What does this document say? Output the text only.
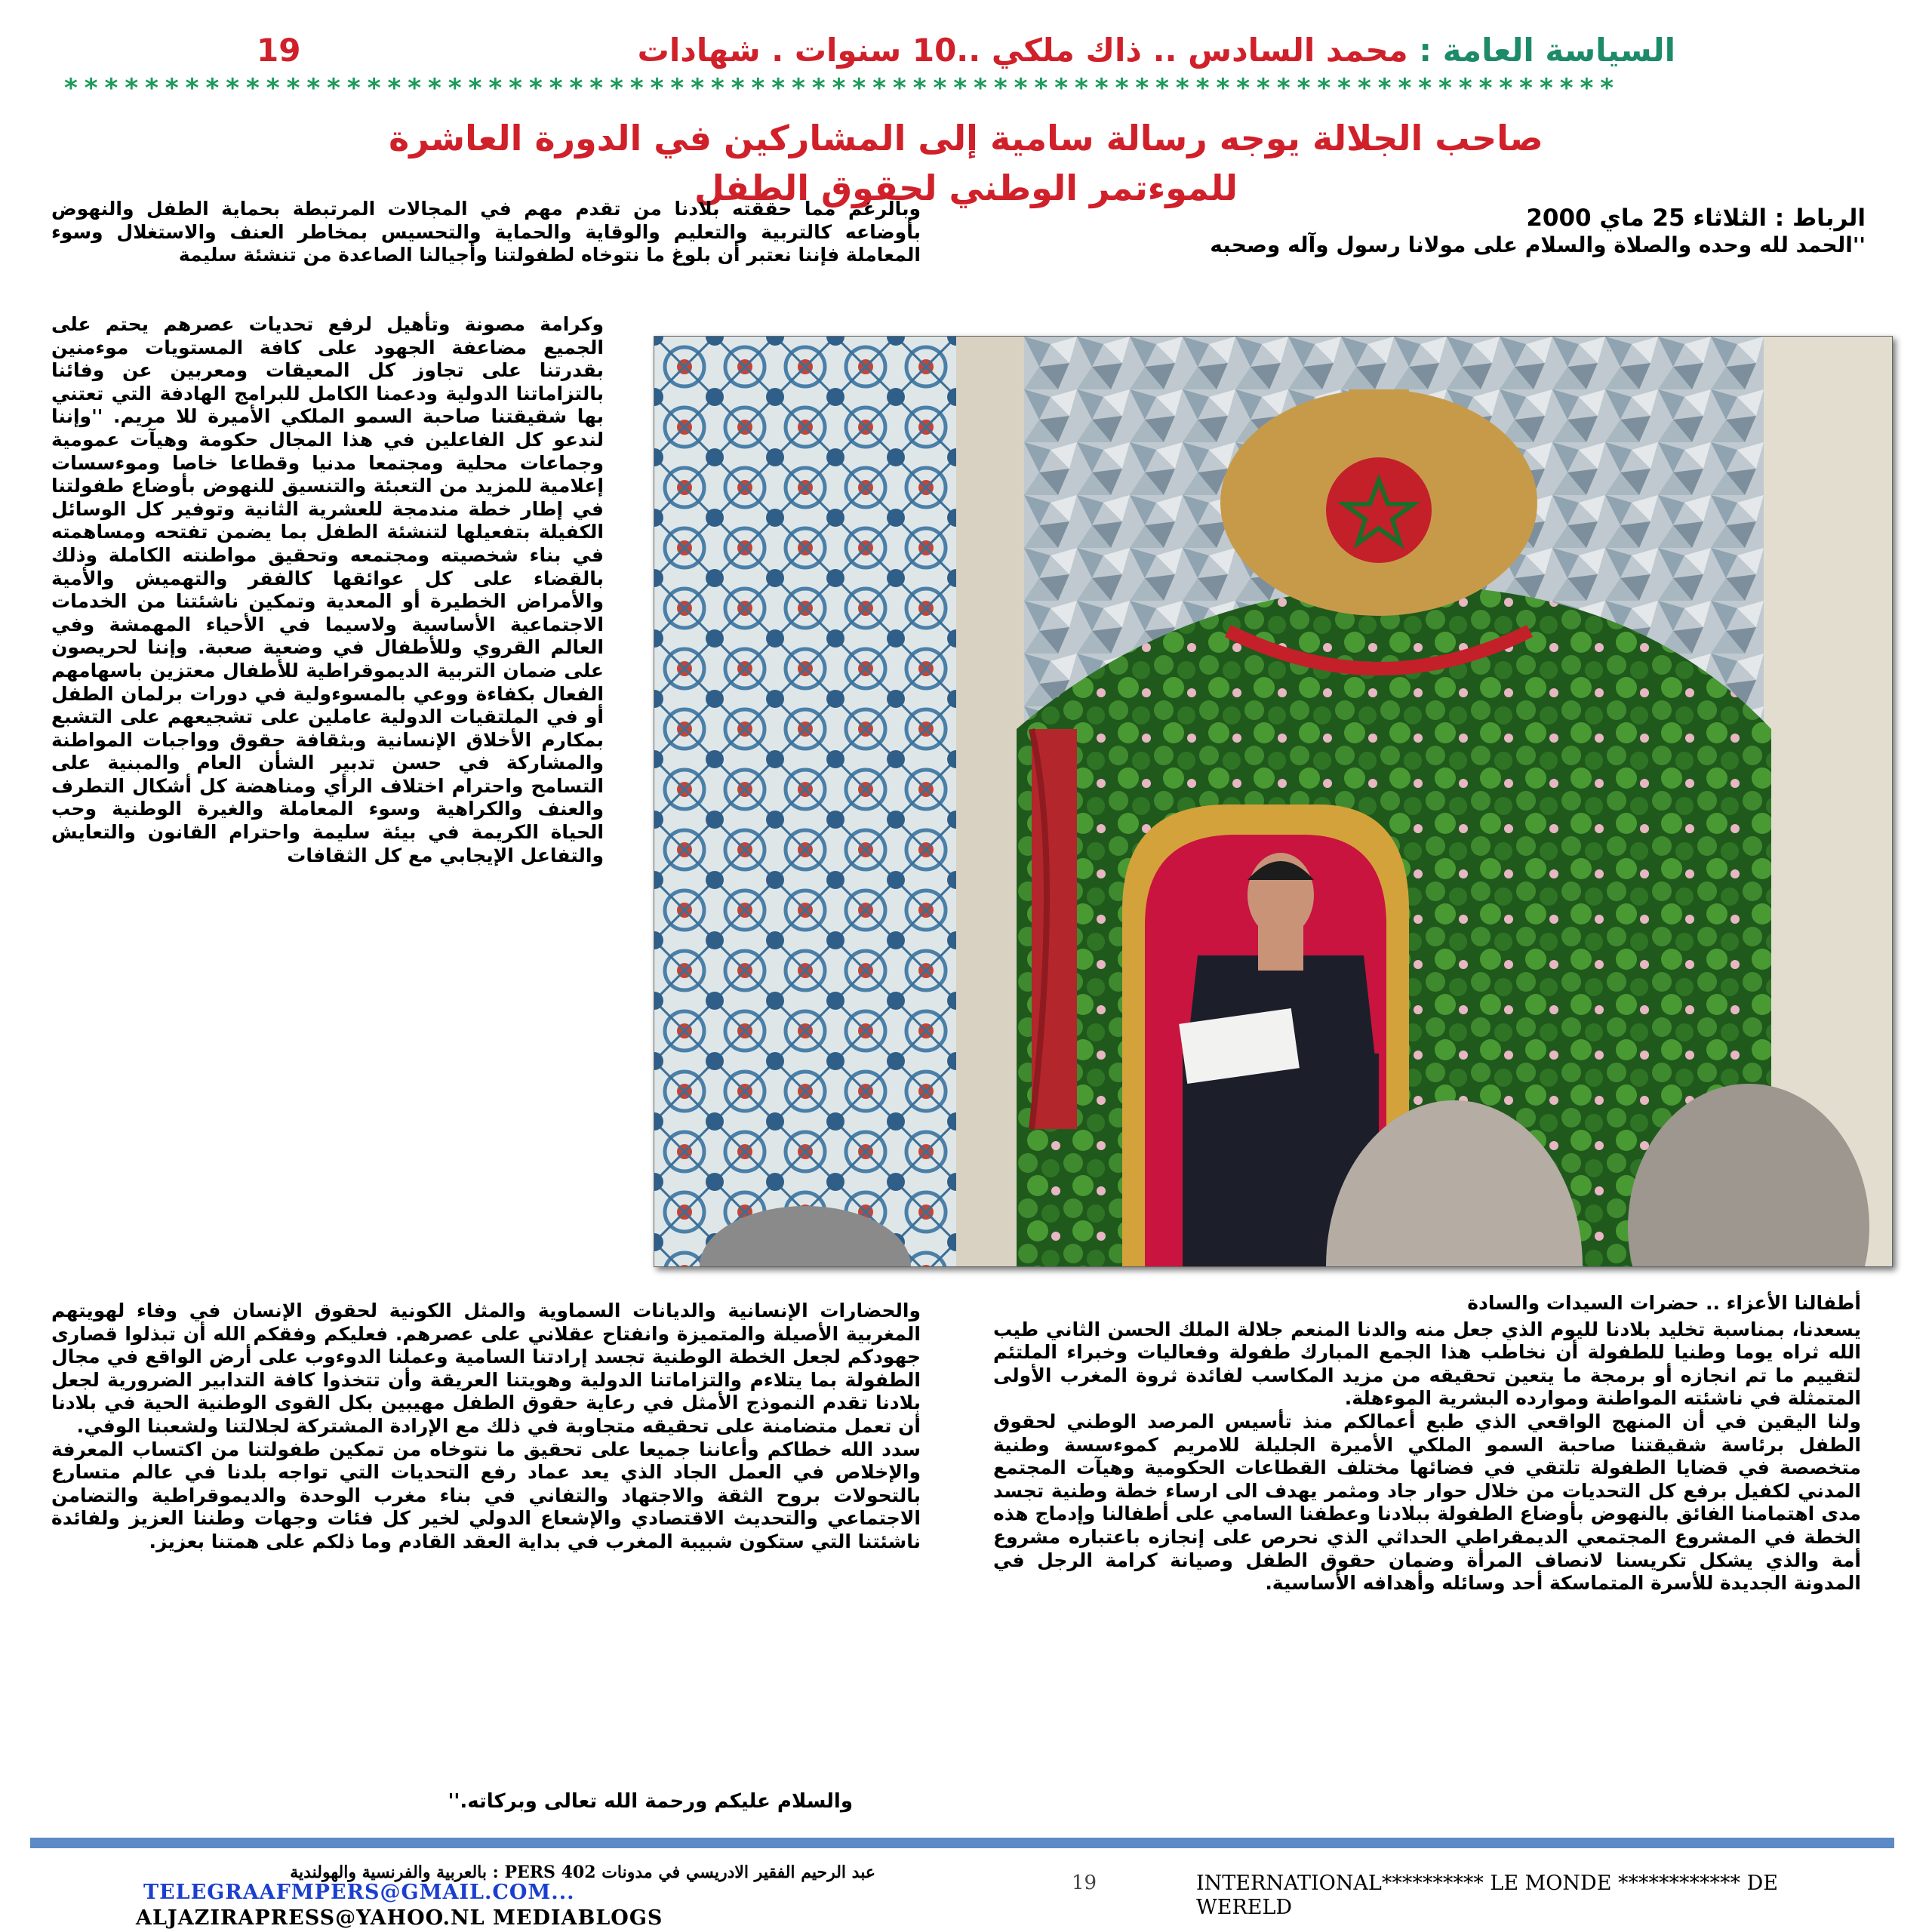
السياسة العامة : محمد السادس .. ذاك ملكي ..10 سنوات . شهادات
19
*****************************************************************************
صاحب الجلالة يوجه رسالة سامية إلى المشاركين في الدورة العاشرة
للموءتمر الوطني لحقوق الطفل

الرباط : الثلاثاء 25 ماي 2000

''الحمد لله وحده والصلاة والسلام على مولانا رسول وآله وصحبه

وبالرغم مما حققته بلادنا من تقدم مهم في المجالات المرتبطة بحماية الطفل والنهوض بأوضاعه كالتربية والتعليم والوقاية والحماية والتحسيس بمخاطر العنف والاستغلال وسوء المعاملة فإننا نعتبر أن بلوغ ما نتوخاه لطفولتنا وأجيالنا الصاعدة من تنشئة سليمة

وكرامة مصونة وتأهيل لرفع تحديات عصرهم يحتم على الجميع مضاعفة الجهود على كافة المستويات موءمنين بقدرتنا على تجاوز كل المعيقات ومعربين عن وفائنا بالتزاماتنا الدولية ودعمنا الكامل للبرامج الهادفة التي تعتني بها شقيقتنا صاحبة السمو الملكي الأميرة للا مريم. ''وإننا لندعو كل الفاعلين في هذا المجال حكومة وهيآت عمومية وجماعات محلية ومجتمعا مدنيا وقطاعا خاصا وموءسسات إعلامية للمزيد من التعبئة والتنسيق للنهوض بأوضاع طفولتنا في إطار خطة مندمجة للعشرية الثانية وتوفير كل الوسائل الكفيلة بتفعيلها لتنشئة الطفل بما يضمن تفتحه ومساهمته في بناء شخصيته ومجتمعه وتحقيق مواطنته الكاملة وذلك بالقضاء على كل عوائقها كالفقر والتهميش والأمية والأمراض الخطيرة أو المعدية وتمكين ناشئتنا من الخدمات الاجتماعية الأساسية ولاسيما في الأحياء المهمشة وفي العالم القروي وللأطفال في وضعية صعبة. وإننا لحريصون على ضمان التربية الديموقراطية للأطفال معتزين باسهامهم الفعال بكفاءة ووعي بالمسوءولية في دورات برلمان الطفل أو في الملتقيات الدولية عاملين على تشجيعهم على التشبع بمكارم الأخلاق الإنسانية وبثقافة حقوق وواجبات المواطنة والمشاركة في حسن تدبير الشأن العام والمبنية على التسامح واحترام اختلاف الرأي ومناهضة كل أشكال التطرف والعنف والكراهية وسوء المعاملة والغيرة الوطنية وحب الحياة الكريمة في بيئة سليمة واحترام القانون والتعايش والتفاعل الإيجابي مع كل الثقافات

والحضارات الإنسانية والديانات السماوية والمثل الكونية لحقوق الإنسان في وفاء لهويتهم المغربية الأصيلة والمتميزة وانفتاح عقلاني على عصرهم. فعليكم وفقكم الله أن تبذلوا قصارى جهودكم لجعل الخطة الوطنية تجسد إرادتنا السامية وعملنا الدوءوب على أرض الواقع في مجال الطفولة بما يتلاءم والتزاماتنا الدولية وهويتنا العريقة وأن تتخذوا كافة التدابير الضرورية لجعل بلادنا تقدم النموذج الأمثل في رعاية حقوق الطفل مهيبين بكل القوى الوطنية الحية في بلادنا أن تعمل متضامنة على تحقيقه متجاوبة في ذلك مع الإرادة المشتركة لجلالتنا ولشعبنا الوفي.

سدد الله خطاكم وأعاننا جميعا على تحقيق ما نتوخاه من تمكين طفولتنا من اكتساب المعرفة والإخلاص في العمل الجاد الذي يعد عماد رفع التحديات التي تواجه بلدنا في عالم متسارع بالتحولات بروح الثقة والاجتهاد والتفاني في بناء مغرب الوحدة والديموقراطية والتضامن الاجتماعي والتحديث الاقتصادي والإشعاع الدولي لخير كل فئات وجهات وطننا العزيز ولفائدة ناشئتنا التي ستكون شبيبة المغرب في بداية العقد القادم وما ذلكم على همتنا بعزيز.

والسلام عليكم ورحمة الله تعالى وبركاته.''

أطفالنا الأعزاء .. حضرات السيدات والسادة

يسعدنا، بمناسبة تخليد بلادنا لليوم الذي جعل منه والدنا المنعم جلالة الملك الحسن الثاني طيب الله ثراه يوما وطنيا للطفولة أن نخاطب هذا الجمع المبارك طفولة وفعاليات وخبراء الملتئم لتقييم ما تم انجازه أو برمجة ما يتعين تحقيقه من مزيد المكاسب لفائدة ثروة المغرب الأولى المتمثلة في ناشئته المواطنة وموارده البشرية الموءهلة.

ولنا اليقين في أن المنهج الواقعي الذي طبع أعمالكم منذ تأسيس المرصد الوطني لحقوق الطفل برئاسة شقيقتنا صاحبة السمو الملكي الأميرة الجليلة للامريم كموءسسة وطنية متخصصة في قضايا الطفولة تلتقي في فضائها مختلف القطاعات الحكومية وهيآت المجتمع المدني لكفيل برفع كل التحديات من خلال حوار جاد ومثمر يهدف الى ارساء خطة وطنية تجسد مدى اهتمامنا الفائق بالنهوض بأوضاع الطفولة ببلادنا وعطفنا السامي على أطفالنا وإدماج هذه الخطة في المشروع المجتمعي الديمقراطي الحداثي الذي نحرص على إنجازه باعتباره مشروع أمة والذي يشكل تكريسنا لانصاف المرأة وضمان حقوق الطفل وصيانة كرامة الرجل في المدونة الجديدة للأسرة المتماسكة أحد وسائله وأهدافه الأساسية.

عبد الرحيم الفقير الادريسي في مدونات PERS 402 : بالعربية والفرنسية والهولندية
TELEGRAAFMPERS@GMAIL.COM...
ALJAZIRAPRESS@YAHOO.NL MEDIABLOGS
19	INTERNATIONAL********** LE MONDE ************ DE WERELD
